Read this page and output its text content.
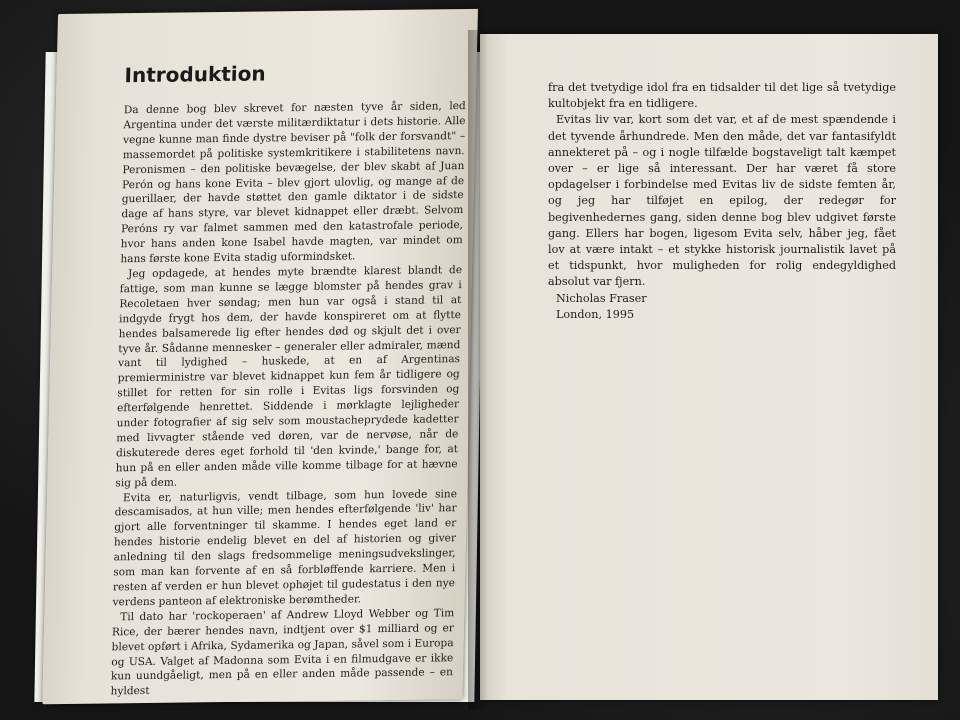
Introduktion

Da denne bog blev skrevet for næsten tyve år siden, led Argentina under det værste militærdiktatur i dets historie. Alle vegne kunne man finde dystre beviser på "folk der forsvandt" – massemordet på politiske systemkritikere i stabilitetens navn. Peronismen – den politiske bevægelse, der blev skabt af Juan Perón og hans kone Evita – blev gjort ulovlig, og mange af de guerillaer, der havde støttet den gamle diktator i de sidste dage af hans styre, var blevet kidnappet eller dræbt. Selvom Peróns ry var falmet sammen med den katastrofale periode, hvor hans anden kone Isabel havde magten, var mindet om hans første kone Evita stadig uformindsket.

Jeg opdagede, at hendes myte brændte klarest blandt de fattige, som man kunne se lægge blomster på hendes grav i Recoletaen hver søndag; men hun var også i stand til at indgyde frygt hos dem, der havde konspireret om at flytte hendes balsamerede lig efter hendes død og skjult det i over tyve år. Sådanne mennesker – generaler eller admiraler, mænd vant til lydighed – huskede, at en af Argentinas premierministre var blevet kidnappet kun fem år tidligere og stillet for retten for sin rolle i Evitas ligs forsvinden og efterfølgende henrettet. Siddende i mørklagte lejligheder under fotografier af sig selv som moustacheprydede kadetter med livvagter stående ved døren, var de nervøse, når de diskuterede deres eget forhold til 'den kvinde,' bange for, at hun på en eller anden måde ville komme tilbage for at hævne sig på dem.

Evita er, naturligvis, vendt tilbage, som hun lovede sine descamisados, at hun ville; men hendes efterfølgende 'liv' har gjort alle forventninger til skamme. I hendes eget land er hendes historie endelig blevet en del af historien og giver anledning til den slags fredsommelige meningsudvekslinger, som man kan forvente af en så forbløffende karriere. Men i resten af verden er hun blevet ophøjet til gudestatus i den nye verdens panteon af elektroniske berømtheder.

Til dato har 'rockoperaen' af Andrew Lloyd Webber og Tim Rice, der bærer hendes navn, indtjent over $1 milliard og er blevet opført i Afrika, Sydamerika og Japan, såvel som i Europa og USA. Valget af Madonna som Evita i en filmudgave er ikke kun uundgåeligt, men på en eller anden måde passende – en hyldest

fra det tvetydige idol fra en tidsalder til det lige så tvetydige kultobjekt fra en tidligere.

Evitas liv var, kort som det var, et af de mest spændende i det tyvende århundrede. Men den måde, det var fantasifyldt annekteret på – og i nogle tilfælde bogstaveligt talt kæmpet over – er lige så interessant. Der har været få store opdagelser i forbindelse med Evitas liv de sidste femten år, og jeg har tilføjet en epilog, der redegør for begivenhedernes gang, siden denne bog blev udgivet første gang. Ellers har bogen, ligesom Evita selv, håber jeg, fået lov at være intakt – et stykke historisk journalistik lavet på et tidspunkt, hvor muligheden for rolig endegyldighed absolut var fjern.

Nicholas Fraser
London, 1995
